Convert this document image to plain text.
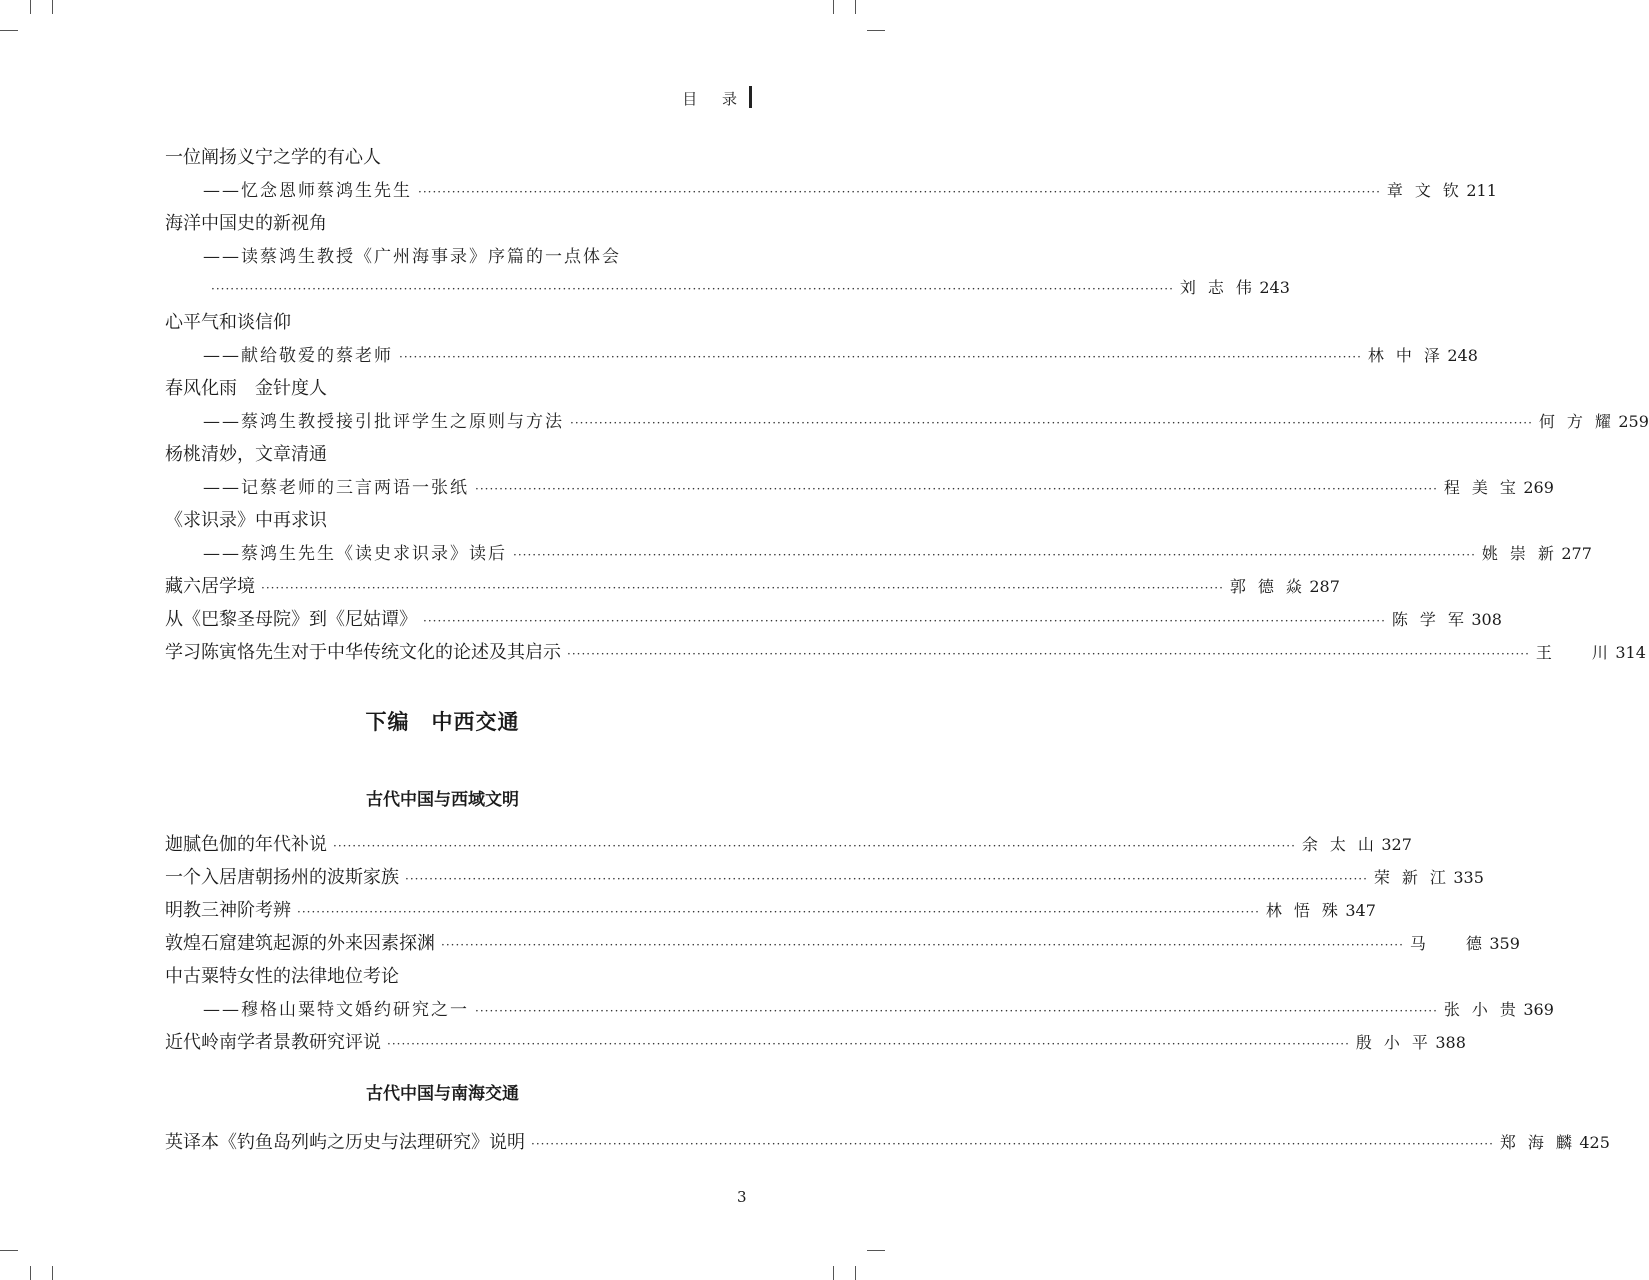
目 录
一位阐扬义宁之学的有心人
——忆念恩师蔡鸿生先生 ········································································································································································································ 章文钦 211
海洋中国史的新视角
——读蔡鸿生教授《广州海事录》序篇的一点体会
········································································································································································································ 刘志伟 243
心平气和谈信仰
——献给敬爱的蔡老师 ········································································································································································································ 林中泽 248
春风化雨　金针度人
——蔡鸿生教授接引批评学生之原则与方法 ········································································································································································································ 何方耀 259
杨桃清妙，文章清通
——记蔡老师的三言两语一张纸 ········································································································································································································ 程美宝 269
《求识录》中再求识
——蔡鸿生先生《读史求识录》读后 ········································································································································································································ 姚崇新 277
藏六居学境 ········································································································································································································ 郭德焱 287
从《巴黎圣母院》到《尼姑谭》 ········································································································································································································ 陈学军 308
学习陈寅恪先生对于中华传统文化的论述及其启示 ········································································································································································································ 王　川 314
迦腻色伽的年代补说 ········································································································································································································ 余太山 327
一个入居唐朝扬州的波斯家族 ········································································································································································································ 荣新江 335
明教三神阶考辨 ········································································································································································································ 林悟殊 347
敦煌石窟建筑起源的外来因素探渊 ········································································································································································································ 马　德 359
中古粟特女性的法律地位考论
——穆格山粟特文婚约研究之一 ········································································································································································································ 张小贵 369
近代岭南学者景教研究评说 ········································································································································································································ 殷小平 388
英译本《钓鱼岛列屿之历史与法理研究》说明 ········································································································································································································ 郑海麟 425
下编　中西交通
古代中国与西域文明
古代中国与南海交通
3
